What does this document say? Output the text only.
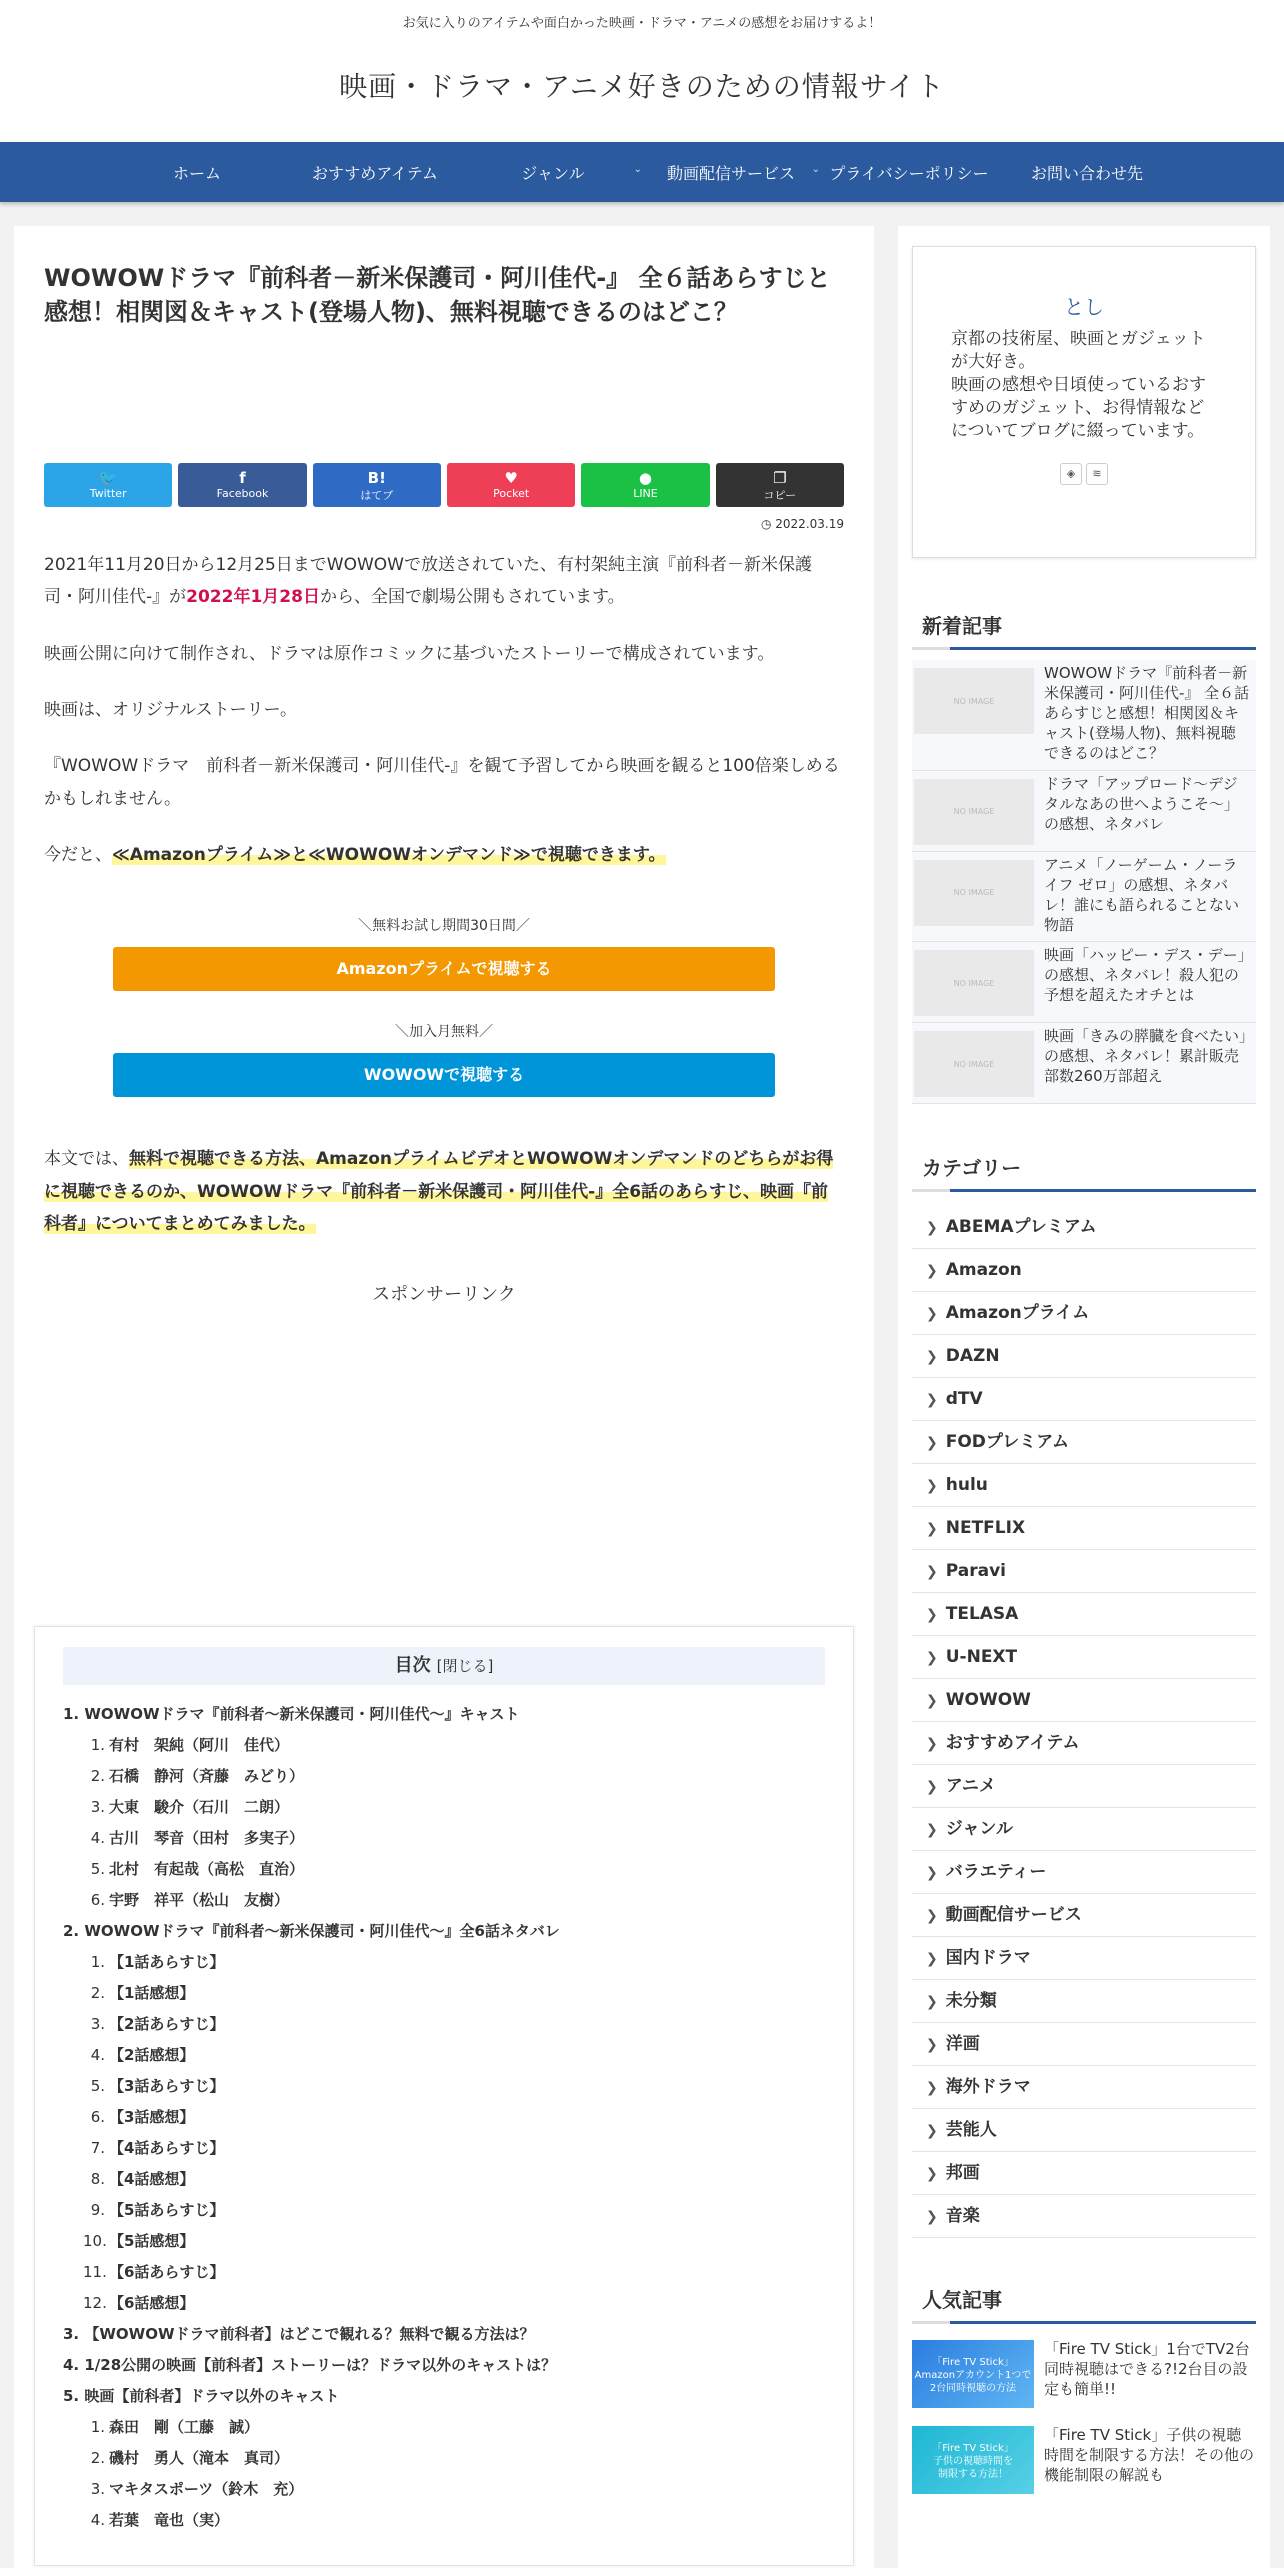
お気に入りのアイテムや面白かった映画・ドラマ・アニメの感想をお届けするよ！
映画・ドラマ・アニメ好きのための情報サイト
ホーム	おすすめアイテム	ジャンル	⌄	動画配信サービス ⌄ プライバシーポリシー	お問い合わせ先
WOWOWドラマ『前科者－新米保護司・阿川佳代-』 全６話あらすじと感想！相関図＆キャスト(登場人物)、無料視聴できるのはどこ？
🐦
Twitter
f
Facebook
B!
はてブ
♥
Pocket
●
LINE
❐
コピー
◷ 2022.03.19

2021年11月20日から12月25日までWOWOWで放送されていた、有村架純主演『前科者－新米保護司・阿川佳代-』が2022年1月28日から、全国で劇場公開もされています。

映画公開に向けて制作され、ドラマは原作コミックに基づいたストーリーで構成されています。

映画は、オリジナルストーリー。

『WOWOWドラマ　前科者－新米保護司・阿川佳代-』を観て予習してから映画を観ると100倍楽しめるかもしれません。

今だと、≪Amazonプライム≫と≪WOWOWオンデマンド≫で視聴できます。

＼無料お試し期間30日間／
Amazonプライムで視聴する
＼加入月無料／
WOWOWで視聴する

本文では、無料で視聴できる方法、AmazonプライムビデオとWOWOWオンデマンドのどちらがお得に視聴できるのか、WOWOWドラマ『前科者－新米保護司・阿川佳代-』全6話のあらすじ、映画『前科者』についてまとめてみました。

スポンサーリンク
目次 [閉じる]
1. WOWOWドラマ『前科者～新米保護司・阿川佳代～』キャスト
1. 有村　架純（阿川　佳代）
2. 石橋　静河（斉藤　みどり）
3. 大東　駿介（石川　二朗）
4. 古川　琴音（田村　多実子）
5. 北村　有起哉（高松　直治）
6. 宇野　祥平（松山　友樹）
2. WOWOWドラマ『前科者～新米保護司・阿川佳代～』全6話ネタバレ
1. 【1話あらすじ】
2. 【1話感想】
3. 【2話あらすじ】
4. 【2話感想】
5. 【3話あらすじ】
6. 【3話感想】
7. 【4話あらすじ】
8. 【4話感想】
9. 【5話あらすじ】
10. 【5話感想】
11. 【6話あらすじ】
12. 【6話感想】
3. 【WOWOWドラマ前科者】はどこで観れる？無料で観る方法は？
4. 1/28公開の映画【前科者】ストーリーは？ドラマ以外のキャストは？
5. 映画【前科者】ドラマ以外のキャスト
1. 森田　剛（工藤　誠）
2. 磯村　勇人（滝本　真司）
3. マキタスポーツ（鈴木　充）
4. 若葉　竜也（実）
とし
京都の技術屋、映画とガジェットが大好き。
映画の感想や日頃使っているおすすめのガジェット、お得情報などについてブログに綴っています。
◈ ≋
新着記事
NO IMAGE
WOWOWドラマ『前科者－新米保護司・阿川佳代-』 全６話あらすじと感想！相関図＆キャスト(登場人物)、無料視聴できるのはどこ？
NO IMAGE
ドラマ「アップロード～デジタルなあの世へようこそ～」の感想、ネタバレ
NO IMAGE
アニメ「ノーゲーム・ノーライフ ゼロ」の感想、ネタバレ！誰にも語られることない物語
NO IMAGE
映画「ハッピー・デス・デー」の感想、ネタバレ！殺人犯の予想を超えたオチとは
NO IMAGE
映画「きみの膵臓を食べたい」の感想、ネタバレ！累計販売部数260万部超え
カテゴリー
❯ ABEMAプレミアム
❯ Amazon
❯ Amazonプライム
❯ DAZN
❯ dTV
❯ FODプレミアム
❯ hulu
❯ NETFLIX
❯ Paravi
❯ TELASA
❯ U-NEXT
❯ WOWOW
❯ おすすめアイテム
❯ アニメ
❯ ジャンル
❯ バラエティー
❯ 動画配信サービス
❯ 国内ドラマ
❯ 未分類
❯ 洋画
❯ 海外ドラマ
❯ 芸能人
❯ 邦画
❯ 音楽
人気記事
「Fire TV Stick」
Amazonアカウント1つで
2台同時視聴の方法
「Fire TV Stick」1台でTV2台同時視聴はできる?!2台目の設定も簡単!!
「Fire TV Stick」
子供の視聴時間を
制限する方法！
「Fire TV Stick」子供の視聴時間を制限する方法！その他の機能制限の解説も
